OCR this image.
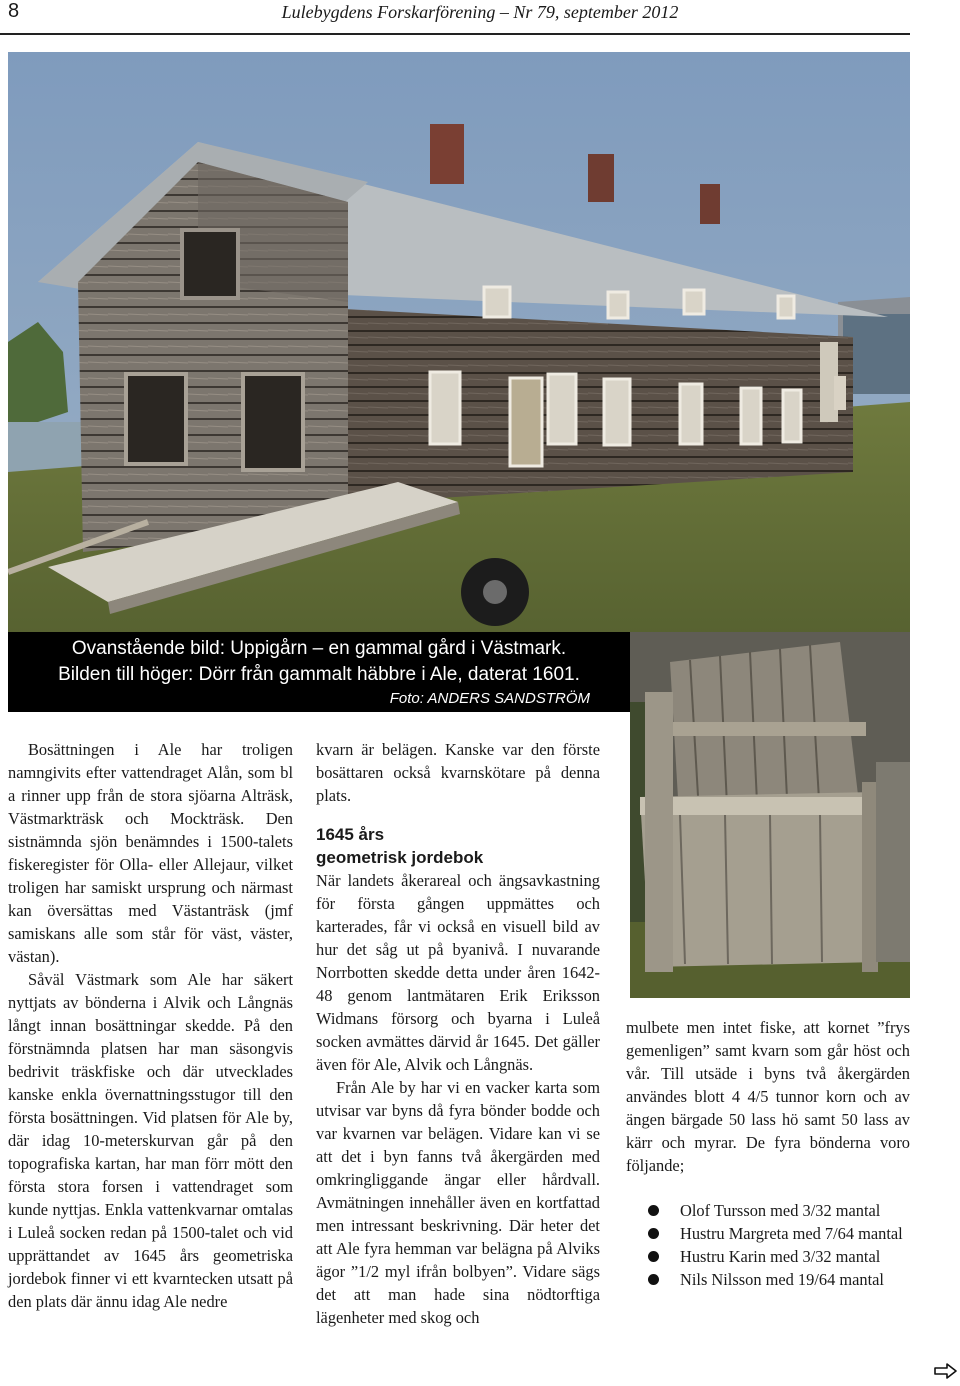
8	Lulebygdens Forskarförening – Nr 79, september 2012
Ovanstående bild: Uppigårn – en gammal gård i Västmark.
Bilden till höger: Dörr från gammalt häbbre i Ale, daterat 1601.
Foto: ANDERS SANDSTRÖM

Bosättningen i Ale har troligen namngivits efter vattendraget Alån, som bl a rinner upp från de stora sjöarna Alträsk, Västmarkträsk och Mockträsk. Den sistnämnda sjön benämndes i 1500-talets fiskeregister för Olla- eller Allejaur, vilket troligen har samiskt ursprung och närmast kan översättas med Västanträsk (jmf samiskans alle som står för väst, väster, västan).

Såväl Västmark som Ale har säkert nyttjats av bönderna i Alvik och Långnäs långt innan bosättningar skedde. På den förstnämnda platsen har man säsongvis bedrivit träskfiske och där utvecklades kanske enkla övernattningsstugor till den första bosättningen. Vid platsen för Ale by, där idag 10-meterskurvan går på den topografiska kartan, har man förr mött den första stora forsen i vattendraget som kunde nyttjas. Enkla vattenkvarnar omtalas i Luleå socken redan på 1500-talet och vid upprättandet av 1645 års geometriska jordebok finner vi ett kvarntecken utsatt på den plats där ännu idag Ale nedre

kvarn är belägen. Kanske var den förste bosättaren också kvarnskötare på denna plats.

1645 års
geometrisk jordebok

När landets åkerareal och ängsavkastning för första gången uppmättes och karterades, får vi också en visuell bild av hur det såg ut på byanivå. I nuvarande Norrbotten skedde detta under åren 1642-48 genom lantmätaren Erik Eriksson Widmans försorg och byarna i Luleå socken avmättes därvid år 1645. Det gäller även för Ale, Alvik och Långnäs.

Från Ale by har vi en vacker karta som utvisar var byns då fyra bönder bodde och var kvarnen var belägen. Vidare kan vi se att det i byn fanns två åkergärden med omkringliggande ängar eller hårdvall. Avmätningen innehåller även en kortfattad men intressant beskrivning. Där heter det att Ale fyra hemman var belägna på Alviks ägor ”1/2 myl ifrån bolbyen”. Vidare sägs det att man hade sina nödtorftiga lägenheter med skog och

mulbete men intet fiske, att kornet ”frys gemenligen” samt kvarn som går höst och vår. Till utsäde i byns två åkergärden användes blott 4 4/5 tunnor korn och av ängen bärgade 50 lass hö samt 50 lass av kärr och myrar. De fyra bönderna voro följande;

Olof Tursson med 3/32 mantal
Hustru Margreta med 7/64 mantal
Hustru Karin med 3/32 mantal
Nils Nilsson med 19/64 mantal
